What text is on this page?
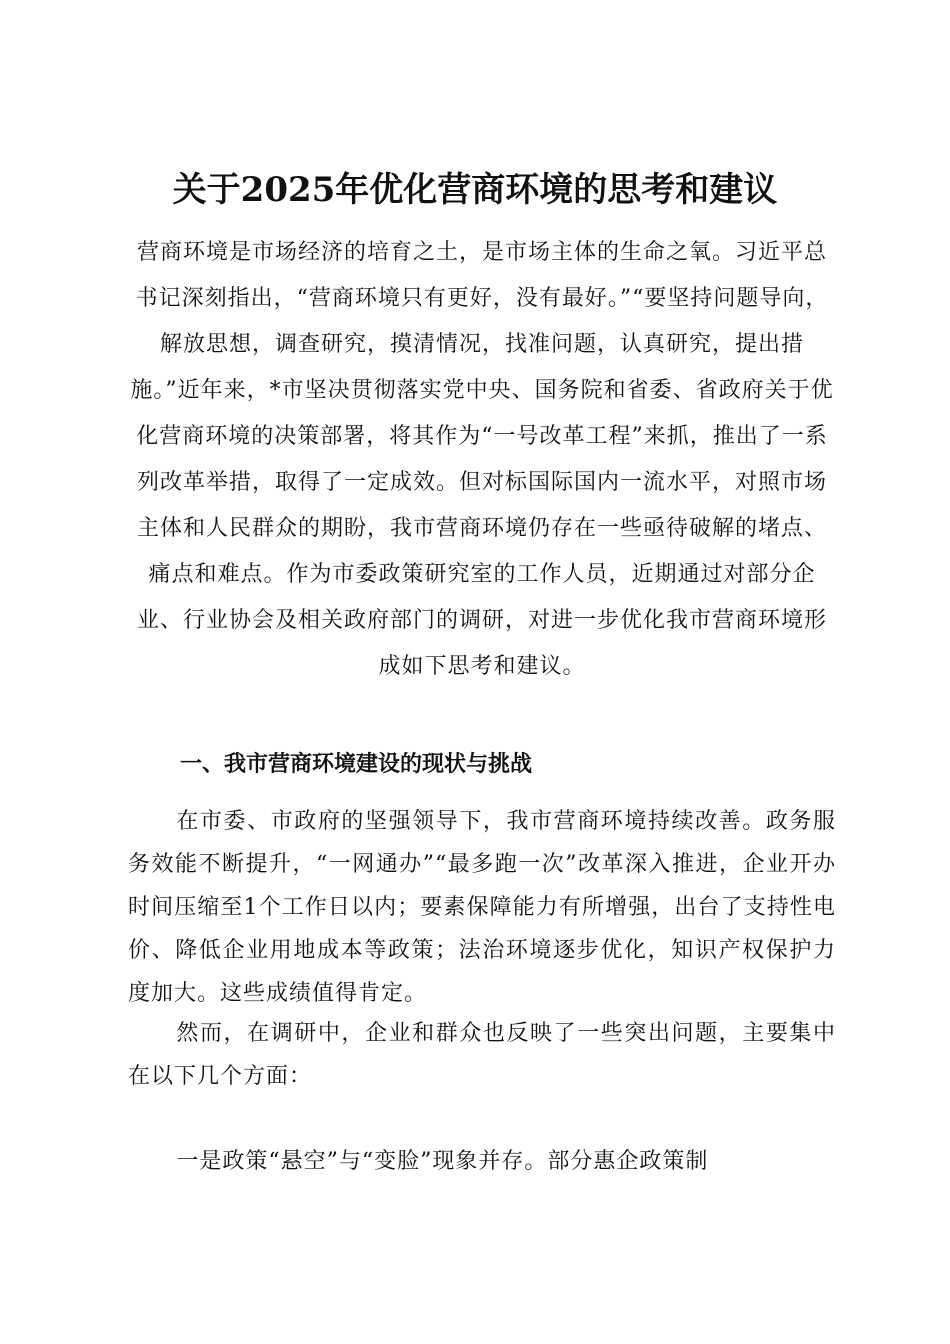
关于2025年优化营商环境的思考和建议

营商环境是市场经济的培育之土，是市场主体的生命之氧。习近平总书记深刻指出，“营商环境只有更好，没有最好。”“要坚持问题导向，解放思想，调查研究，摸清情况，找准问题，认真研究，提出措施。”近年来，*市坚决贯彻落实党中央、国务院和省委、省政府关于优化营商环境的决策部署，将其作为“一号改革工程”来抓，推出了一系列改革举措，取得了一定成效。但对标国际国内一流水平，对照市场主体和人民群众的期盼，我市营商环境仍存在一些亟待破解的堵点、痛点和难点。作为市委政策研究室的工作人员，近期通过对部分企业、行业协会及相关政府部门的调研，对进一步优化我市营商环境形成如下思考和建议。

一、我市营商环境建设的现状与挑战

在市委、市政府的坚强领导下，我市营商环境持续改善。政务服务效能不断提升，“一网通办”“最多跑一次”改革深入推进，企业开办时间压缩至1个工作日以内；要素保障能力有所增强，出台了支持性电价、降低企业用地成本等政策；法治环境逐步优化，知识产权保护力度加大。这些成绩值得肯定。

然而，在调研中，企业和群众也反映了一些突出问题，主要集中在以下几个方面：

一是政策“悬空”与“变脸”现象并存。部分惠企政策制
